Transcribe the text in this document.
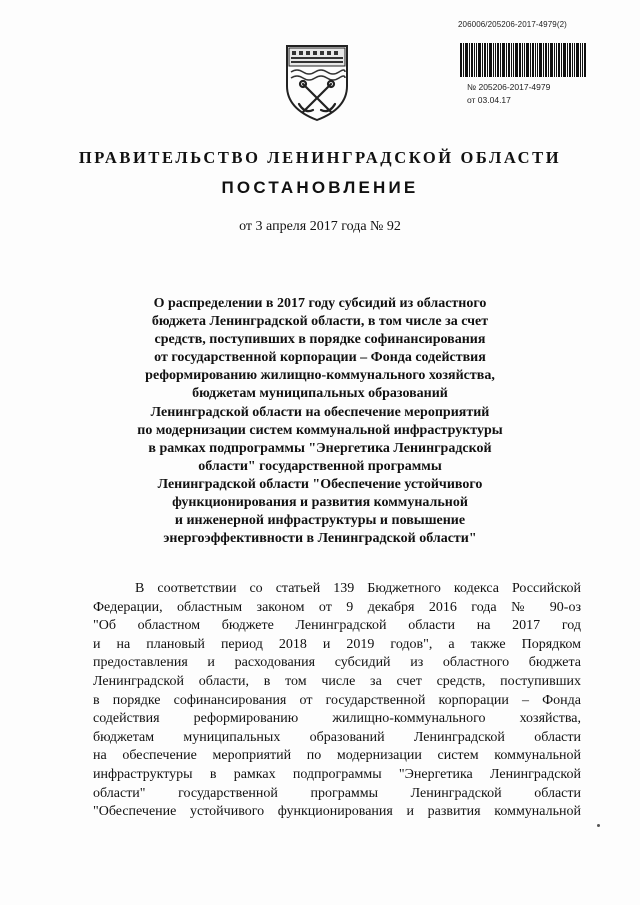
206006/205206-2017-4979(2)
№ 205206-2017-4979
от 03.04.17
ПРАВИТЕЛЬСТВО ЛЕНИНГРАДСКОЙ ОБЛАСТИ
ПОСТАНОВЛЕНИЕ
от 3 апреля 2017 года № 92
О распределении в 2017 году субсидий из областного
бюджета Ленинградской области, в том числе за счет
средств, поступивших в порядке софинансирования
от государственной корпорации – Фонда содействия
реформированию жилищно-коммунального хозяйства,
бюджетам муниципальных образований
Ленинградской области на обеспечение мероприятий
по модернизации систем коммунальной инфраструктуры
в рамках подпрограммы "Энергетика Ленинградской
области" государственной программы
Ленинградской области "Обеспечение устойчивого
функционирования и развития коммунальной
и инженерной инфраструктуры и повышение
энергоэффективности в Ленинградской области"
В соответствии со статьей 139 Бюджетного кодекса Российской
Федерации, областным законом от 9 декабря 2016 года № 90-оз
"Об областном бюджете Ленинградской области на 2017 год
и на плановый период 2018 и 2019 годов", а также Порядком
предоставления и расходования субсидий из областного бюджета
Ленинградской области, в том числе за счет средств, поступивших
в порядке софинансирования от государственной корпорации – Фонда
содействия реформированию жилищно-коммунального хозяйства,
бюджетам муниципальных образований Ленинградской области
на обеспечение мероприятий по модернизации систем коммунальной
инфраструктуры в рамках подпрограммы "Энергетика Ленинградской
области" государственной программы Ленинградской области
"Обеспечение устойчивого функционирования и развития коммунальной
